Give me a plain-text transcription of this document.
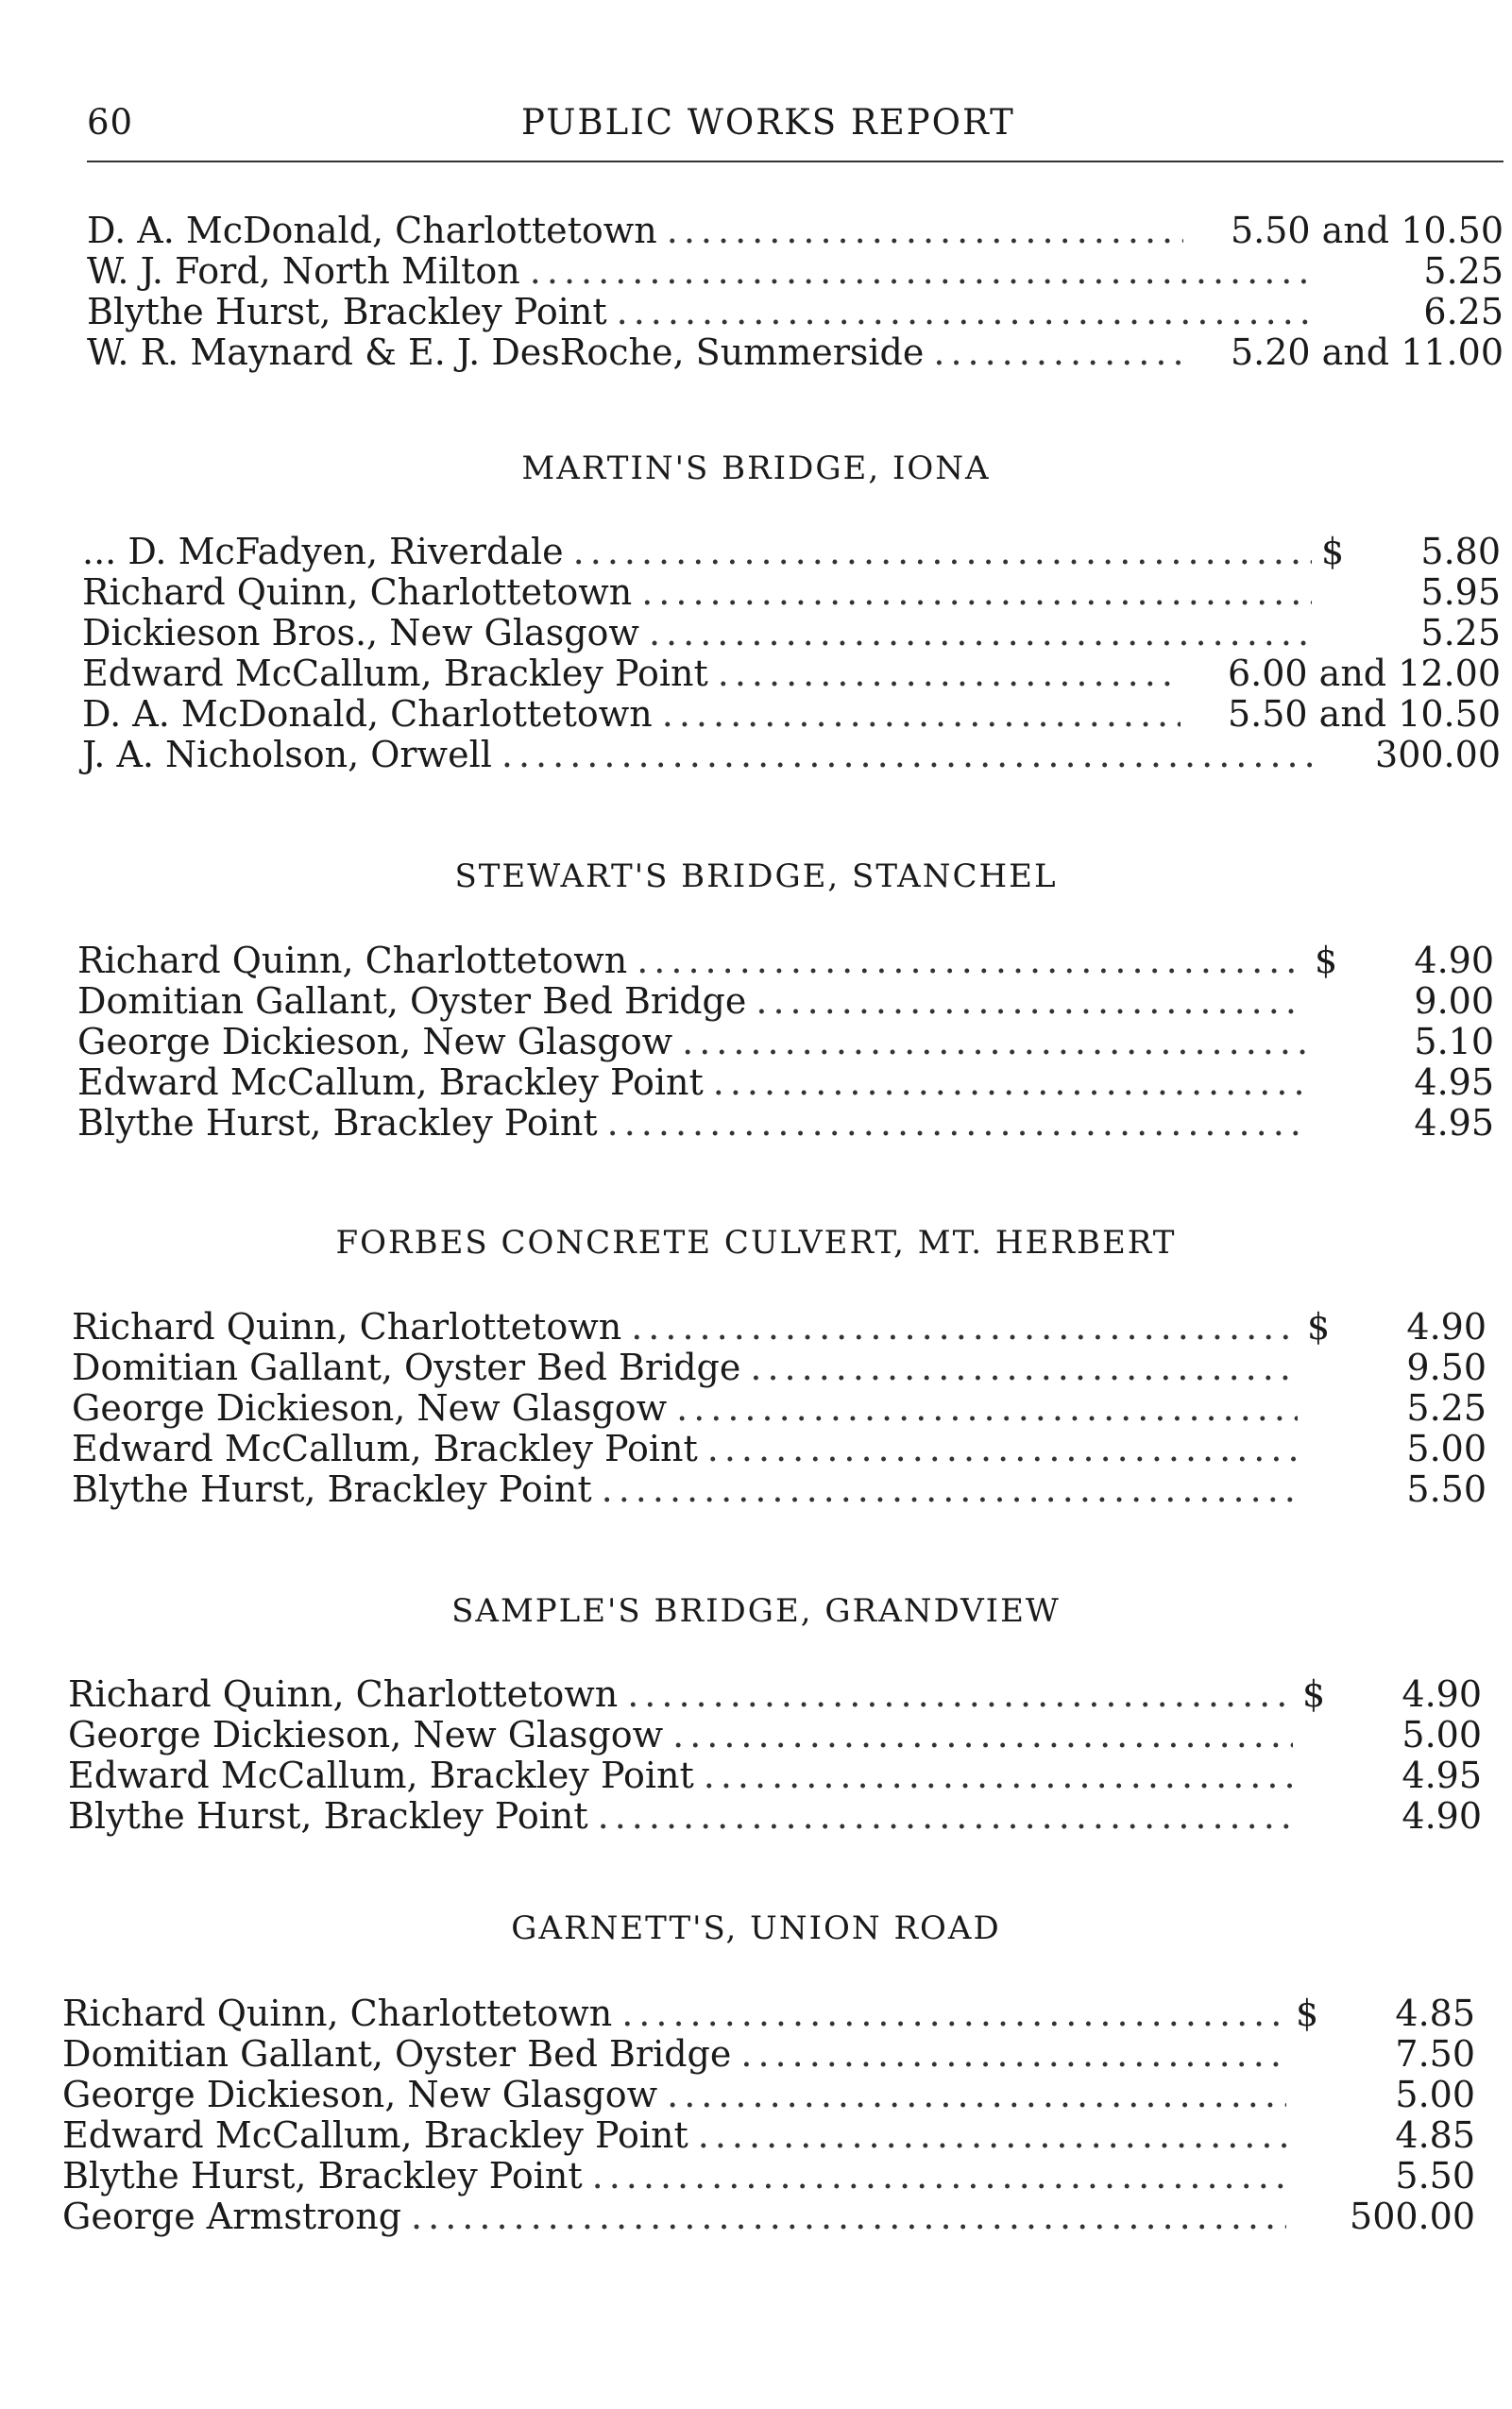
60	PUBLIC WORKS REPORT
D. A. McDonald, Charlottetown .....	5.50 and 10.50
W. J. Ford, North Milton .....	5.25
Blythe Hurst, Brackley Point .....	6.25
W. R. Maynard & E. J. DesRoche, Summerside .....	5.20 and 11.00
MARTIN'S BRIDGE, IONA
... D. McFadyen, Riverdale .....	$	5.80
Richard Quinn, Charlottetown .....	5.95
Dickieson Bros., New Glasgow .....	5.25
Edward McCallum, Brackley Point .....	6.00 and 12.00
D. A. McDonald, Charlottetown .....	5.50 and 10.50
J. A. Nicholson, Orwell .....	300.00
STEWART'S BRIDGE, STANCHEL
Richard Quinn, Charlottetown .....	$	4.90
Domitian Gallant, Oyster Bed Bridge .....	9.00
George Dickieson, New Glasgow .....	5.10
Edward McCallum, Brackley Point .....	4.95
Blythe Hurst, Brackley Point .....	4.95
FORBES CONCRETE CULVERT, MT. HERBERT
Richard Quinn, Charlottetown .....	$	4.90
Domitian Gallant, Oyster Bed Bridge .....	9.50
George Dickieson, New Glasgow .....	5.25
Edward McCallum, Brackley Point .....	5.00
Blythe Hurst, Brackley Point .....	5.50
SAMPLE'S BRIDGE, GRANDVIEW
Richard Quinn, Charlottetown .....	$	4.90
George Dickieson, New Glasgow .....	5.00
Edward McCallum, Brackley Point .....	4.95
Blythe Hurst, Brackley Point .....	4.90
GARNETT'S, UNION ROAD
Richard Quinn, Charlottetown .....	$	4.85
Domitian Gallant, Oyster Bed Bridge .....	7.50
George Dickieson, New Glasgow .....	5.00
Edward McCallum, Brackley Point .....	4.85
Blythe Hurst, Brackley Point .....	5.50
George Armstrong .....	500.00
